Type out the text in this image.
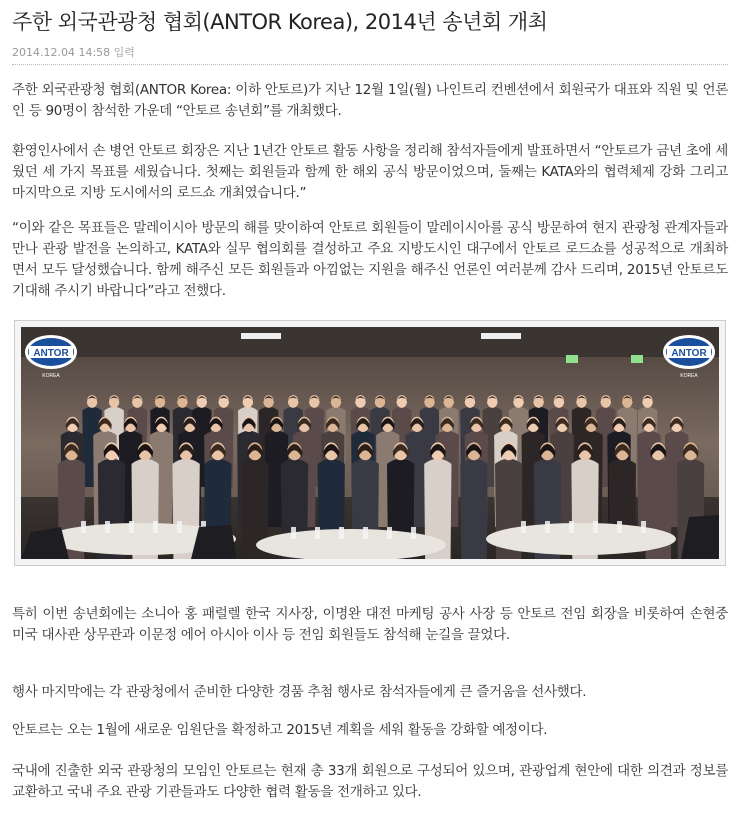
주한 외국관광청 협회(ANTOR Korea), 2014년 송년회 개최
2014.12.04 14:58 입력

주한 외국관광청 협회(ANTOR Korea: 이하 안토르)가 지난 12월 1일(월) 나인트리 컨벤션에서 회원국가 대표와 직원 및 언론인 등 90명이 참석한 가운데 “안토르 송년회”를 개최했다.

환영인사에서 손 병언 안토르 회장은 지난 1년간 안토르 활동 사항을 정리해 참석자들에게 발표하면서 “안토르가 금년 초에 세웠던 세 가지 목표를 세웠습니다. 첫째는 회원들과 함께 한 해외 공식 방문이었으며, 둘째는 KATA와의 협력체제 강화 그리고 마지막으로 지방 도시에서의 로드쇼 개최였습니다.”

“이와 같은 목표들은 말레이시아 방문의 해를 맞이하여 안토르 회원들이 말레이시아를 공식 방문하여 현지 관광청 관계자들과 만나 관광 발전을 논의하고, KATA와 실무 협의회를 결성하고 주요 지방도시인 대구에서 안토르 로드쇼를 성공적으로 개최하면서 모두 달성했습니다. 함께 해주신 모든 회원들과 아낌없는 지원을 해주신 언론인 여러분께 감사 드리며, 2015년 안토르도 기대해 주시기 바랍니다”라고 전했다.

ANTOR
KOREA
ANTOR
KOREA

특히 이번 송년회에는 소니아 홍 패럴렐 한국 지사장, 이명완 대전 마케팅 공사 사장 등 안토르 전임 회장을 비롯하여 손현중 미국 대사관 상무관과 이문정 에어 아시아 이사 등 전임 회원들도 참석해 눈길을 끌었다.

행사 마지막에는 각 관광청에서 준비한 다양한 경품 추첨 행사로 참석자들에게 큰 즐거움을 선사했다.

안토르는 오는 1월에 새로운 임원단을 확정하고 2015년 계획을 세워 활동을 강화할 예정이다.

국내에 진출한 외국 관광청의 모임인 안토르는 현재 총 33개 회원으로 구성되어 있으며, 관광업계 현안에 대한 의견과 정보를 교환하고 국내 주요 관광 기관들과도 다양한 협력 활동을 전개하고 있다.
